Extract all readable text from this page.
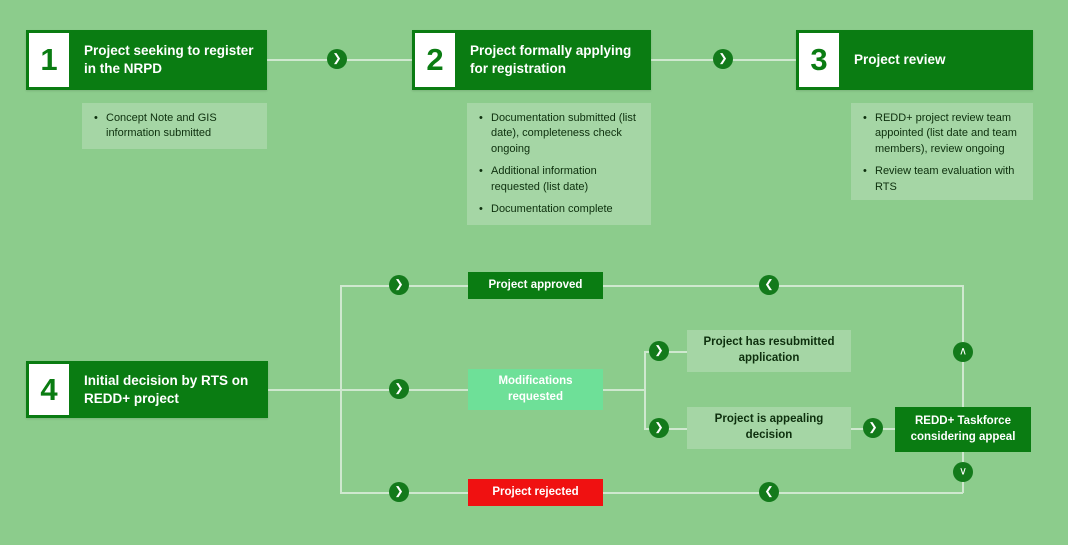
1	Project seeking to register in the NRPD
• Concept Note and GIS information submitted
❯	2	Project formally applying for registration
• Documentation submitted (list date), completeness check ongoing
• Additional information requested (list date)
• Documentation complete
❯	3	Project review
• REDD+ project review team appointed (list date and team members), review ongoing
• Review team evaluation with RTS
4	Initial decision by RTS on REDD+ project
❯
❯
❯
❯
❯	❯
❮
❮
∧
∨
Project approved
Modifications requested
Project rejected
Project has resubmitted application
Project is appealing decision
REDD+ Taskforce considering appeal
